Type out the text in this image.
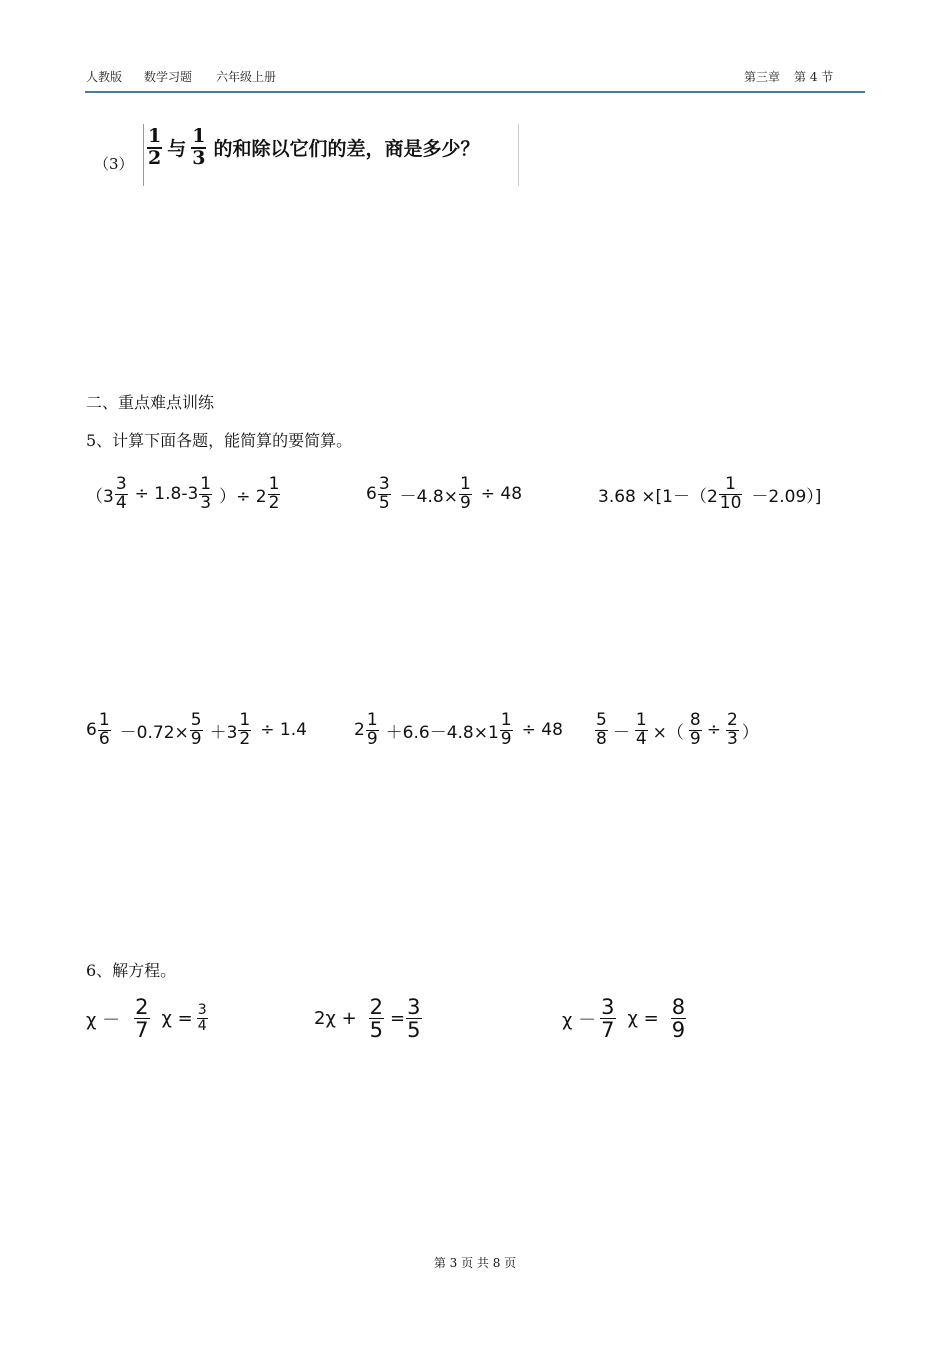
人教版 数学习题 六年级上册	第三章 第 4 节
$(3) \frac{1}{2}$ 与 $\frac{1}{3}$ 的和除以它们的差，商是多少？
二、重点难点训练
5、计算下面各题，能简算的要简算。
（$3 \frac{3}{4} \div 1.8-3 \frac{1}{3}$ ）÷ $2 \frac{1}{2}$	$6 \frac{3}{5} -4.8\times \frac{1}{9} \div 48$	$3.68 \times[1-(2 \frac{1}{10} -2.09)]$
$6 \frac{1}{6} -0.72\times \frac{5}{9} +3 \frac{1}{2} \div 1.4$	$2 \frac{1}{9} +6.6-4.8\times 1 \frac{1}{9} \div 48 \frac{5}{8} - \frac{1}{4}$ ×（ $\frac{8}{9} \div \frac{2}{3}$ ）
6、解方程。
$\chi - \frac{2}{7}$ $\chi = \frac{3}{4}$	$2\chi + \frac{2}{5} = \frac{3}{5}$	$\chi - \frac{3}{7}$ $\chi = \frac{8}{9}$
第 3 页 共 8 页
